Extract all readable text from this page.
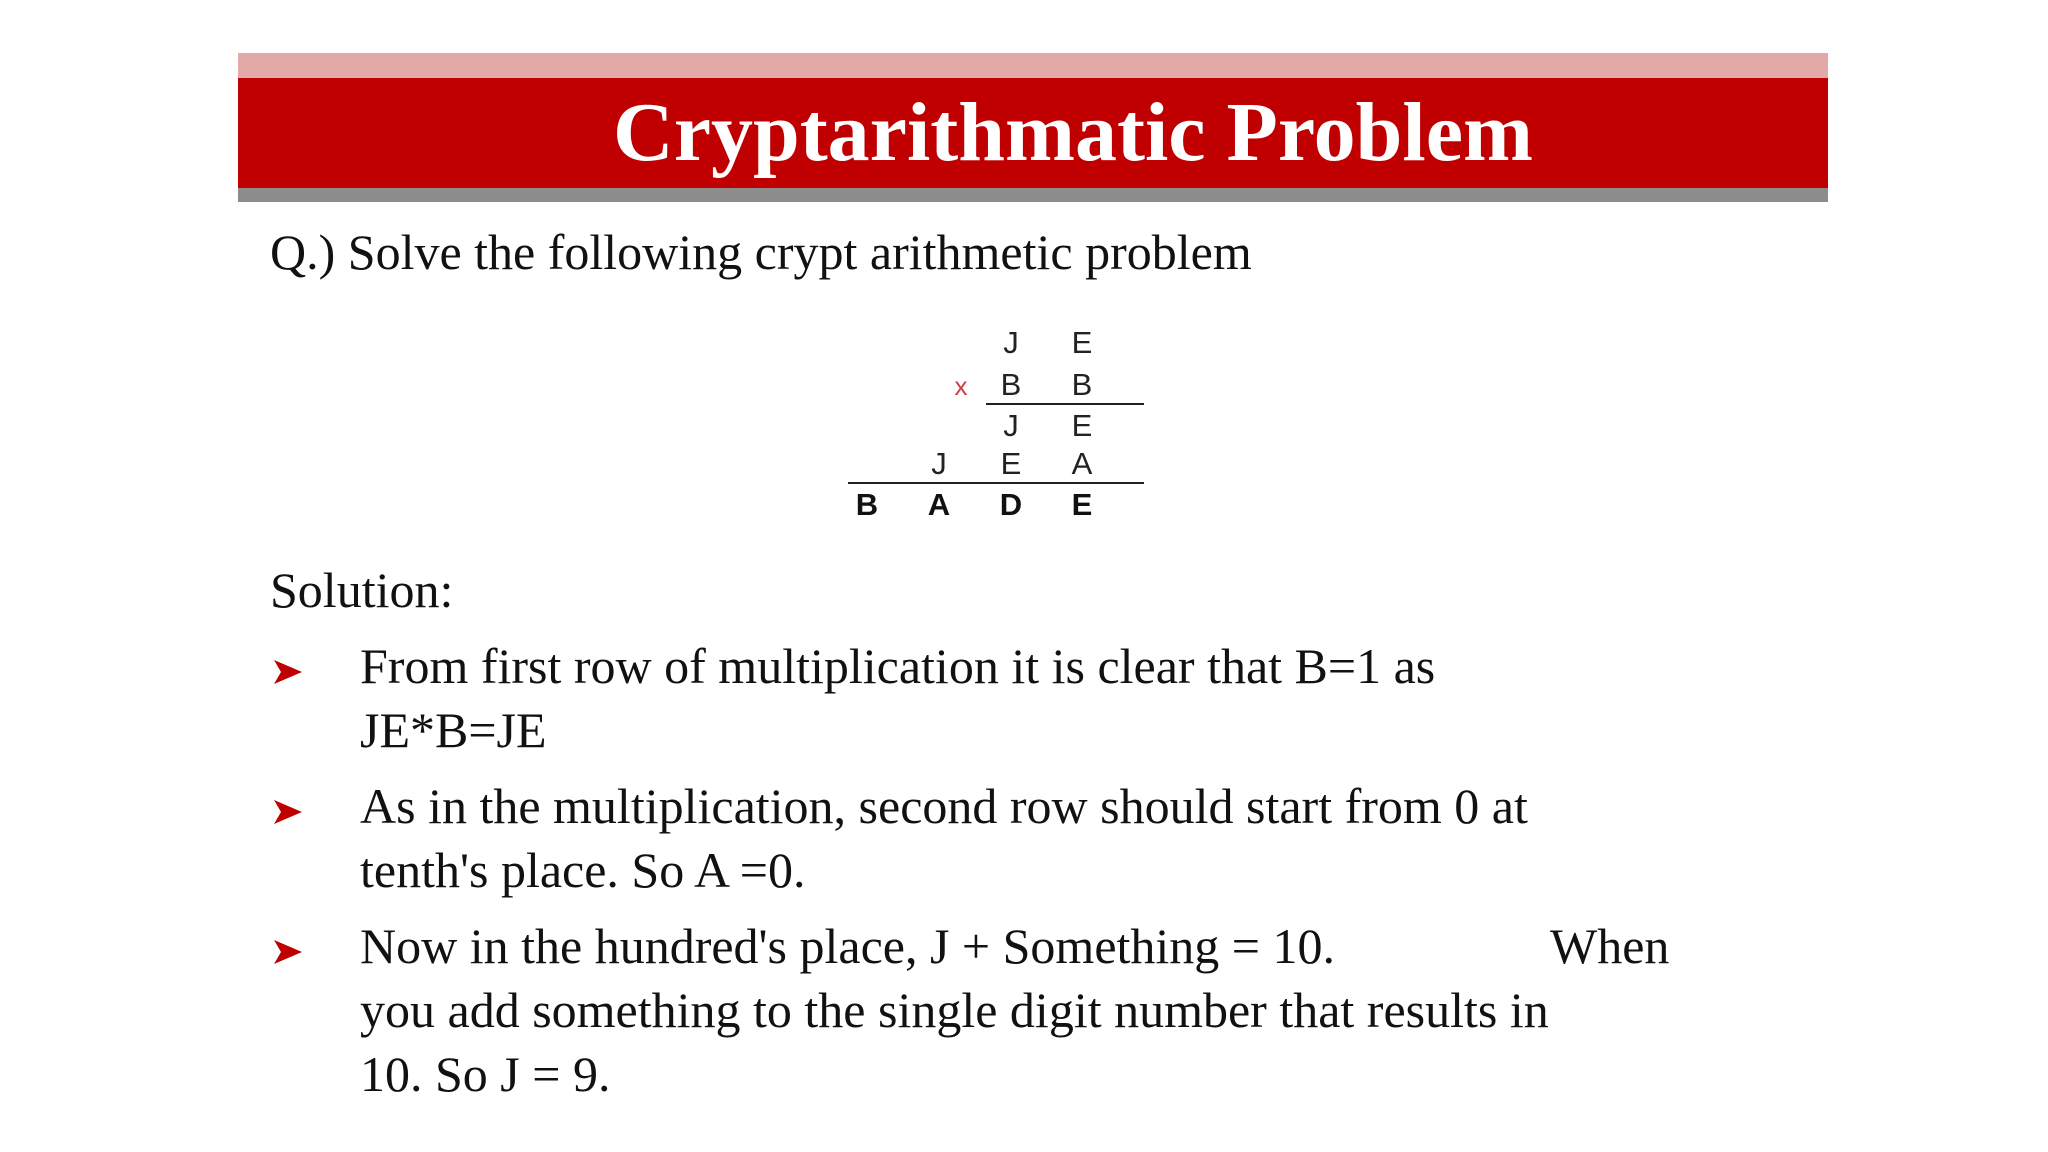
Cryptarithmatic Problem
Q.) Solve the following crypt arithmetic problem
J E
x B B
J E
J E A
B A D E
Solution:
From first row of multiplication it is clear that B=1 as
JE*B=JE
As in the multiplication, second row should start from 0 at
tenth's place. So A =0.
Now in the hundred's place, J + Something = 10.
you add something to the single digit number that results in
10. So J = 9.
When
